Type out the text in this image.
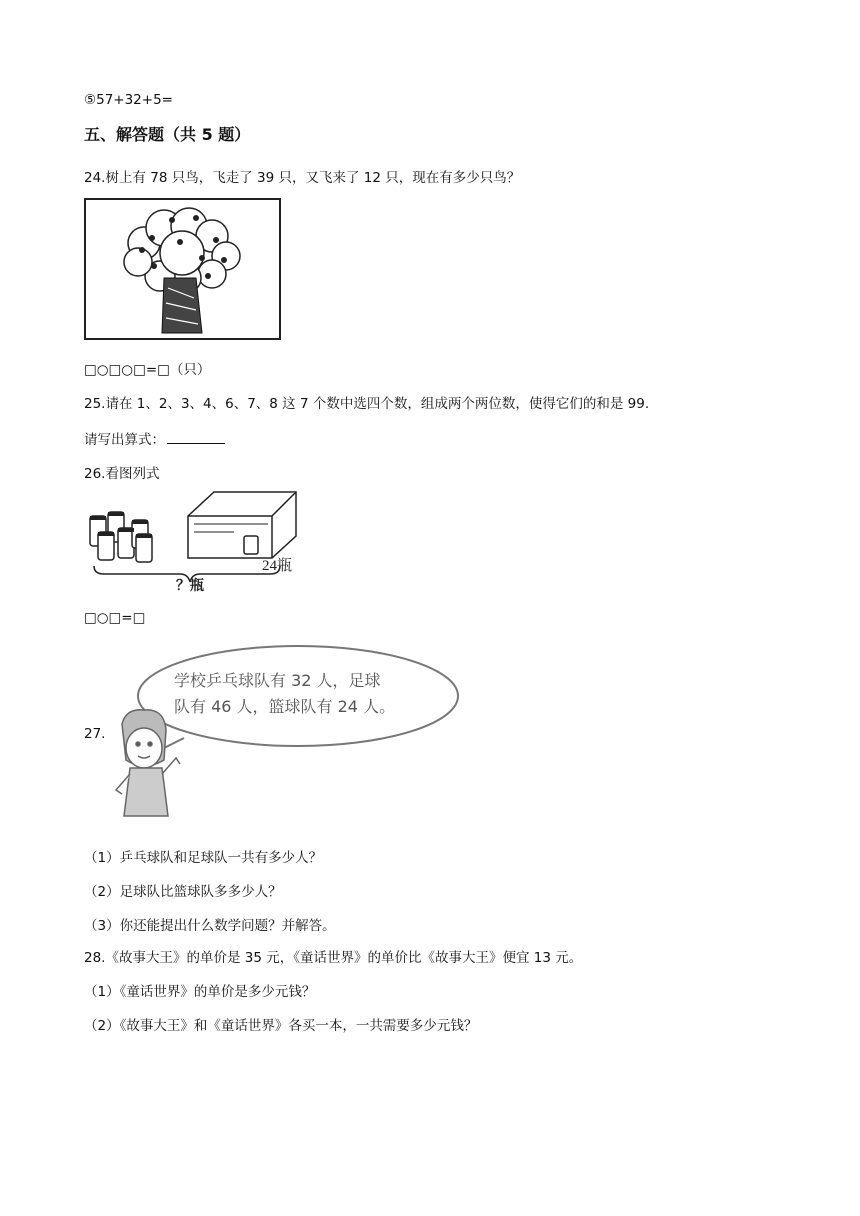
⑤57+32+5=
五、解答题（共 5 题）
24.树上有 78 只鸟，飞走了 39 只，又飞来了 12 只，现在有多少只鸟？
□○□○□=□（只）
25.请在 1、2、3、4、6、7、8 这 7 个数中选四个数，组成两个两位数，使得它们的和是 99.
请写出算式：
26.看图列式
24瓶
？瓶
□○□=□
学校乒乓球队有 32 人，足球
队有 46 人，篮球队有 24 人。
27.
（1）乒乓球队和足球队一共有多少人？
（2）足球队比篮球队多多少人？
（3）你还能提出什么数学问题？并解答。
28.《故事大王》的单价是 35 元，《童话世界》的单价比《故事大王》便宜 13 元。
（1）《童话世界》的单价是多少元钱？
（2）《故事大王》和《童话世界》各买一本，一共需要多少元钱？
